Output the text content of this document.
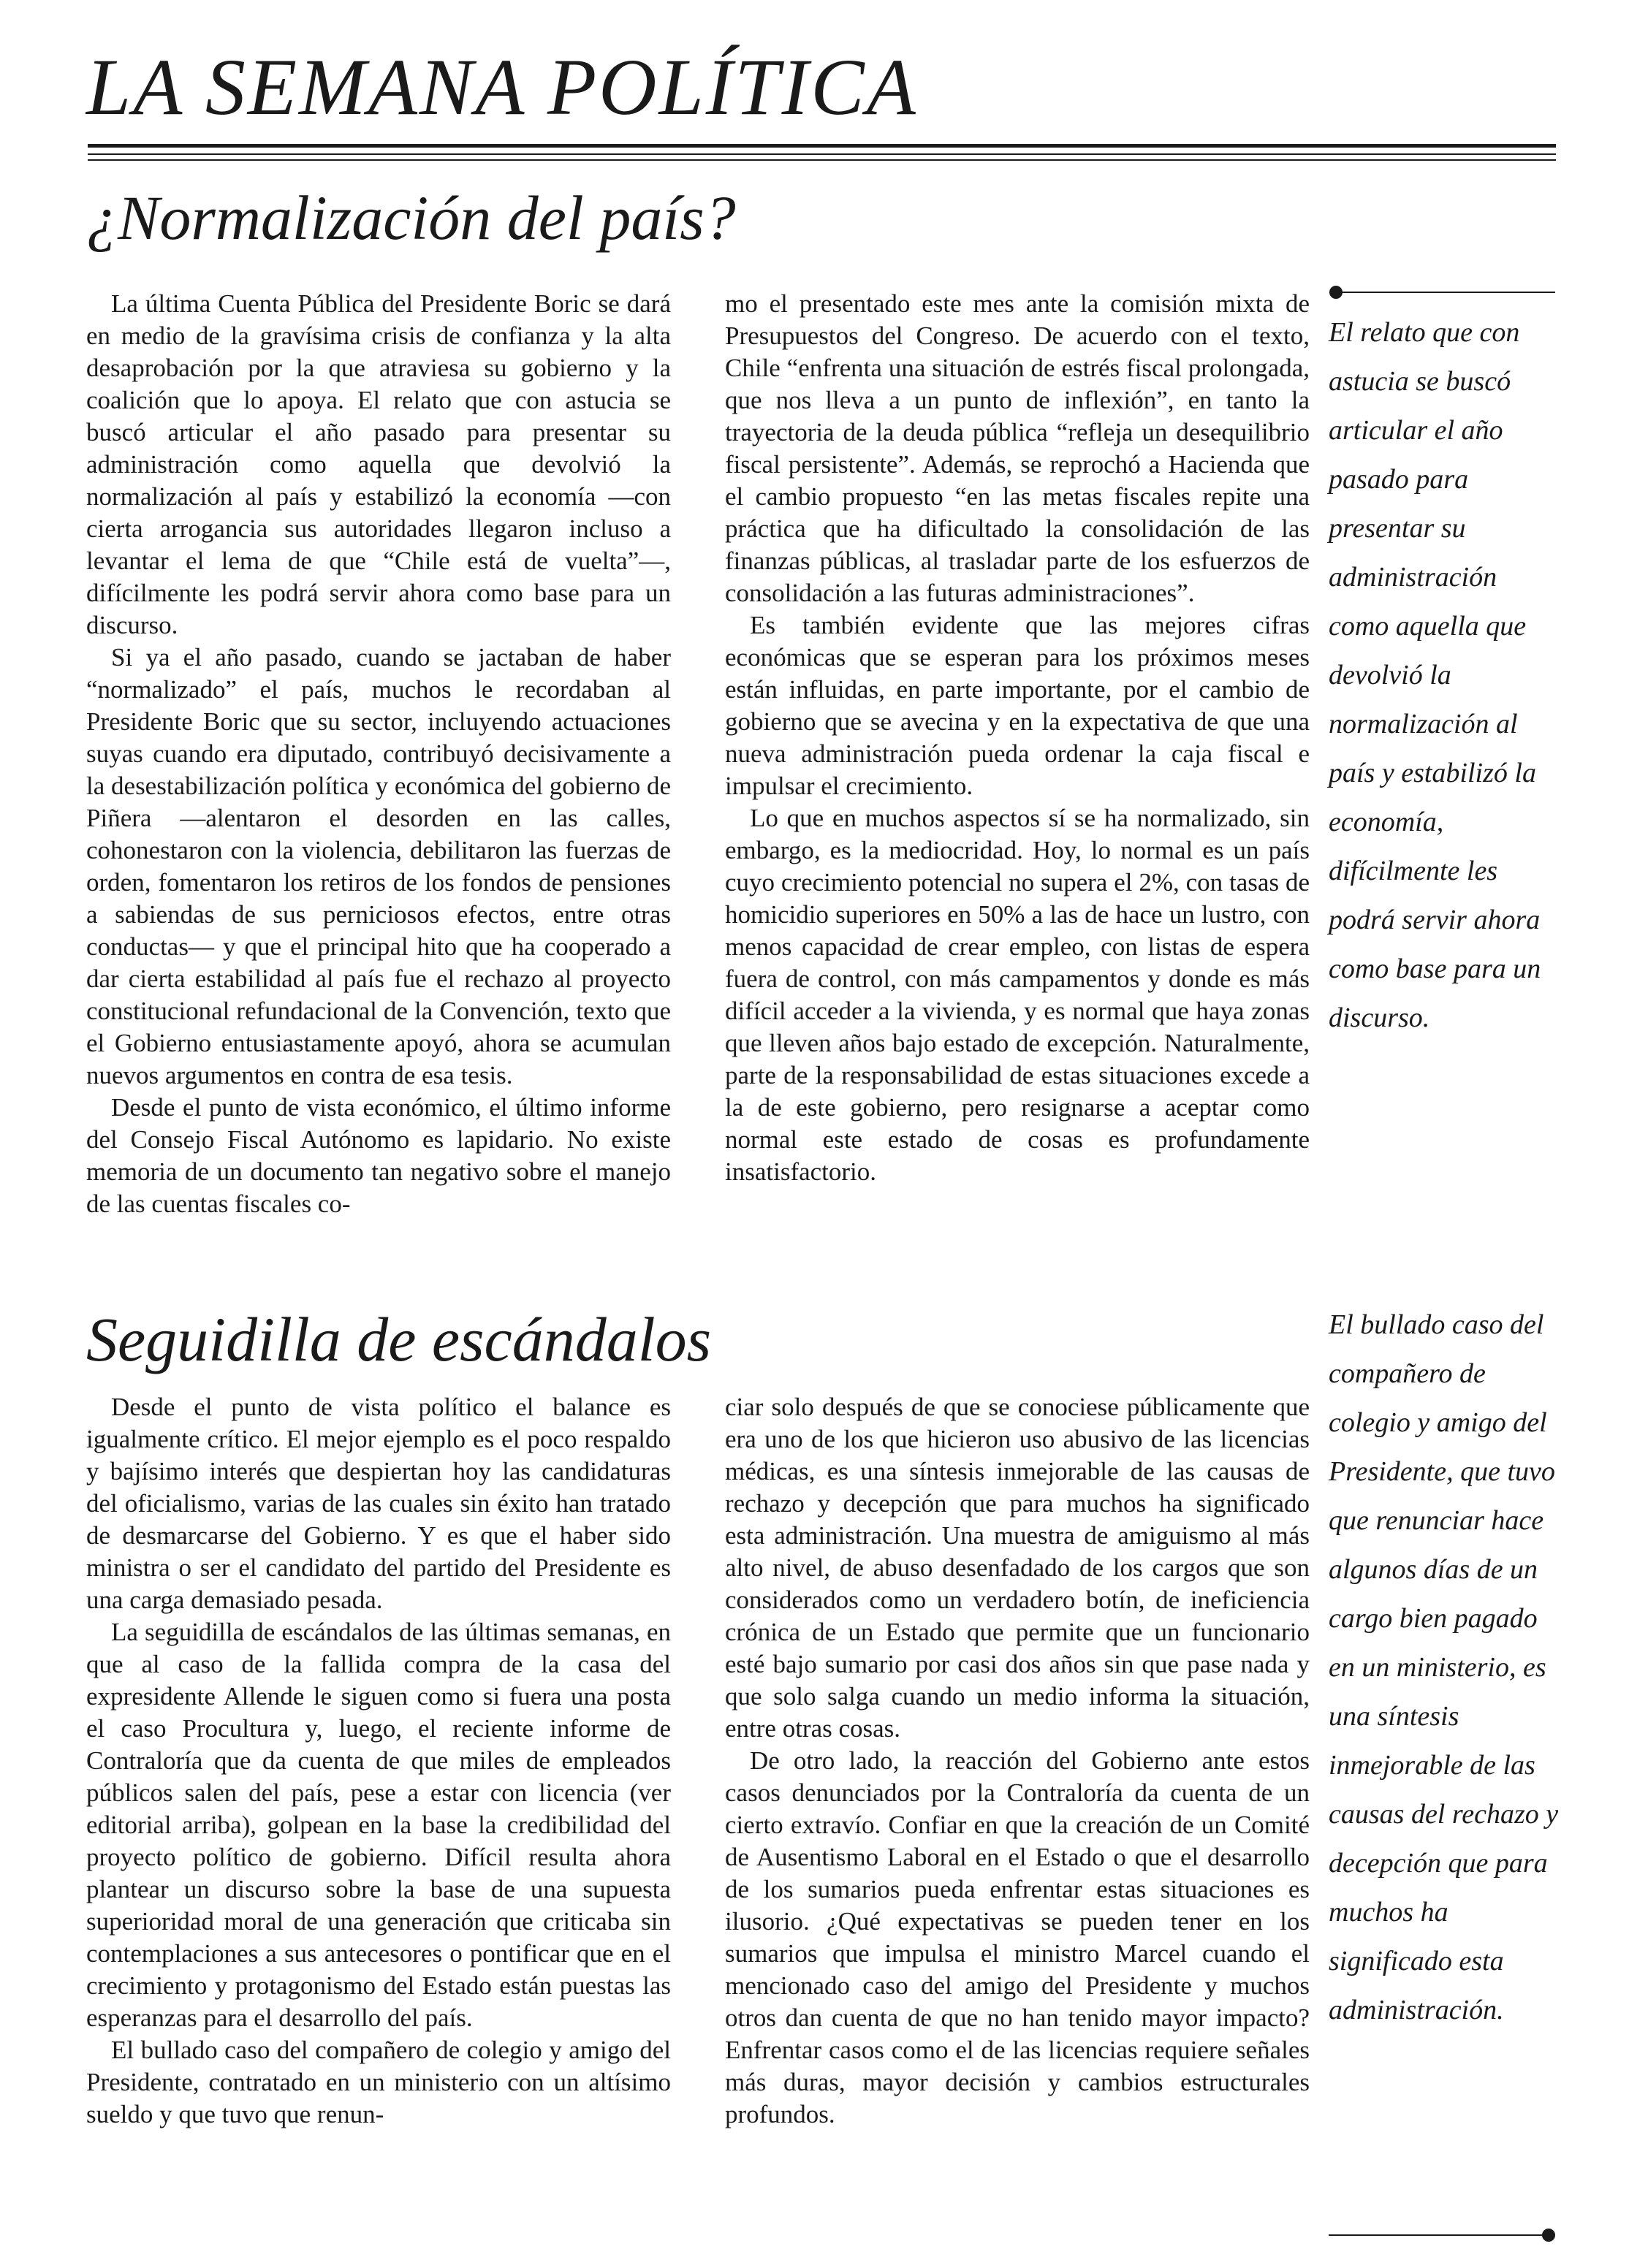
LA SEMANA POLÍTICA
¿Normalización del país?

La última Cuenta Pública del Presidente Boric se dará en medio de la gravísima crisis de confianza y la alta desaprobación por la que atraviesa su gobierno y la coalición que lo apoya. El relato que con astucia se buscó articular el año pasado para presentar su administración como aquella que devolvió la normalización al país y estabilizó la economía —con cierta arrogancia sus autoridades llegaron incluso a levantar el lema de que “Chile está de vuelta”—, difícilmente les podrá servir ahora como base para un discurso.

Si ya el año pasado, cuando se jactaban de haber “normalizado” el país, muchos le recordaban al Presidente Boric que su sector, incluyendo actuaciones suyas cuando era diputado, contribuyó decisivamente a la desestabilización política y económica del gobierno de Piñera —alentaron el desorden en las calles, cohonestaron con la violencia, debilitaron las fuerzas de orden, fomentaron los retiros de los fondos de pensiones a sabiendas de sus perniciosos efectos, entre otras conductas— y que el principal hito que ha cooperado a dar cierta estabilidad al país fue el rechazo al proyecto constitucional refundacional de la Convención, texto que el Gobierno entusiastamente apoyó, ahora se acumulan nuevos argumentos en contra de esa tesis.

Desde el punto de vista económico, el último informe del Consejo Fiscal Autónomo es lapidario. No existe memoria de un documento tan negativo sobre el manejo de las cuentas fiscales co-

mo el presentado este mes ante la comisión mixta de Presupuestos del Congreso. De acuerdo con el texto, Chile “enfrenta una situación de estrés fiscal prolongada, que nos lleva a un punto de inflexión”, en tanto la trayectoria de la deuda pública “refleja un desequilibrio fiscal persistente”. Además, se reprochó a Hacienda que el cambio propuesto “en las metas fiscales repite una práctica que ha dificultado la consolidación de las finanzas públicas, al trasladar parte de los esfuerzos de consolidación a las futuras administraciones”.

Es también evidente que las mejores cifras económicas que se esperan para los próximos meses están influidas, en parte importante, por el cambio de gobierno que se avecina y en la expectativa de que una nueva administración pueda ordenar la caja fiscal e impulsar el crecimiento.

Lo que en muchos aspectos sí se ha normalizado, sin embargo, es la mediocridad. Hoy, lo normal es un país cuyo crecimiento potencial no supera el 2%, con tasas de homicidio superiores en 50% a las de hace un lustro, con menos capacidad de crear empleo, con listas de espera fuera de control, con más campamentos y donde es más difícil acceder a la vivienda, y es normal que haya zonas que lleven años bajo estado de excepción. Naturalmente, parte de la responsabilidad de estas situaciones excede a la de este gobierno, pero resignarse a aceptar como normal este estado de cosas es profundamente insatisfactorio.

El relato que con astucia se buscó articular el año pasado para presentar su administración como aquella que devolvió la normalización al país y estabilizó la economía, difícilmente les podrá servir ahora como base para un discurso.
Seguidilla de escándalos

Desde el punto de vista político el balance es igualmente crítico. El mejor ejemplo es el poco respaldo y bajísimo interés que despiertan hoy las candidaturas del oficialismo, varias de las cuales sin éxito han tratado de desmarcarse del Gobierno. Y es que el haber sido ministra o ser el candidato del partido del Presidente es una carga demasiado pesada.

La seguidilla de escándalos de las últimas semanas, en que al caso de la fallida compra de la casa del expresidente Allende le siguen como si fuera una posta el caso Procultura y, luego, el reciente informe de Contraloría que da cuenta de que miles de empleados públicos salen del país, pese a estar con licencia (ver editorial arriba), golpean en la base la credibilidad del proyecto político de gobierno. Difícil resulta ahora plantear un discurso sobre la base de una supuesta superioridad moral de una generación que criticaba sin contemplaciones a sus antecesores o pontificar que en el crecimiento y protagonismo del Estado están puestas las esperanzas para el desarrollo del país.

El bullado caso del compañero de colegio y amigo del Presidente, contratado en un ministerio con un altísimo sueldo y que tuvo que renun-

ciar solo después de que se conociese públicamente que era uno de los que hicieron uso abusivo de las licencias médicas, es una síntesis inmejorable de las causas de rechazo y decepción que para muchos ha significado esta administración. Una muestra de amiguismo al más alto nivel, de abuso desenfadado de los cargos que son considerados como un verdadero botín, de ineficiencia crónica de un Estado que permite que un funcionario esté bajo sumario por casi dos años sin que pase nada y que solo salga cuando un medio informa la situación, entre otras cosas.

De otro lado, la reacción del Gobierno ante estos casos denunciados por la Contraloría da cuenta de un cierto extravío. Confiar en que la creación de un Comité de Ausentismo Laboral en el Estado o que el desarrollo de los sumarios pueda enfrentar estas situaciones es ilusorio. ¿Qué expectativas se pueden tener en los sumarios que impulsa el ministro Marcel cuando el mencionado caso del amigo del Presidente y muchos otros dan cuenta de que no han tenido mayor impacto? Enfrentar casos como el de las licencias requiere señales más duras, mayor decisión y cambios estructurales profundos.

El bullado caso del compañero de colegio y amigo del Presidente, que tuvo que renunciar hace algunos días de un cargo bien pagado en un ministerio, es una síntesis inmejorable de las causas del rechazo y decepción que para muchos ha significado esta administración.
